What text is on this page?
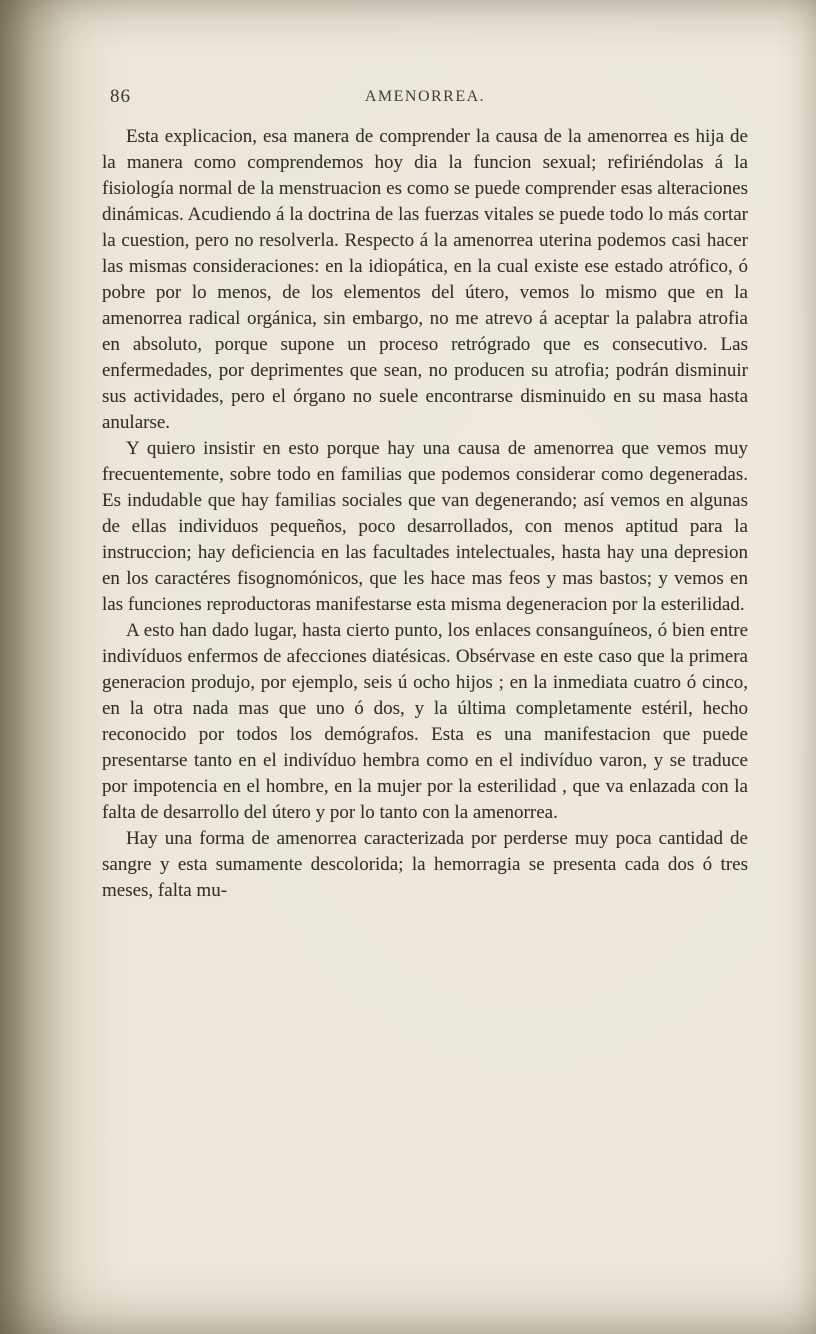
86	AMENORREA.

Esta explicacion, esa manera de comprender la causa de la amenorrea es hija de la manera como comprendemos hoy dia la funcion sexual; refiriéndolas á la fisiología normal de la menstruacion es como se puede comprender esas alteraciones dinámicas. Acudiendo á la doctrina de las fuerzas vitales se puede todo lo más cortar la cuestion, pero no resolverla. Respecto á la amenorrea uterina podemos casi hacer las mismas consideraciones: en la idiopática, en la cual existe ese estado atrófico, ó pobre por lo menos, de los elementos del útero, vemos lo mismo que en la amenorrea radical orgánica, sin embargo, no me atrevo á aceptar la palabra atrofia en absoluto, porque supone un proceso retrógrado que es consecutivo. Las enfermedades, por deprimentes que sean, no producen su atrofia; podrán disminuir sus actividades, pero el órgano no suele encontrarse disminuido en su masa hasta anularse.

Y quiero insistir en esto porque hay una causa de amenorrea que vemos muy frecuentemente, sobre todo en familias que podemos considerar como degeneradas. Es indudable que hay familias sociales que van degenerando; así vemos en algunas de ellas individuos pequeños, poco desarrollados, con menos aptitud para la instruccion; hay deficiencia en las facultades intelectuales, hasta hay una depresion en los caractéres fisognomónicos, que les hace mas feos y mas bastos; y vemos en las funciones reproductoras manifestarse esta misma degeneracion por la esterilidad.

A esto han dado lugar, hasta cierto punto, los enlaces consanguíneos, ó bien entre indivíduos enfermos de afecciones diatésicas. Obsérvase en este caso que la primera generacion produjo, por ejemplo, seis ú ocho hijos ; en la inmediata cuatro ó cinco, en la otra nada mas que uno ó dos, y la última completamente estéril, hecho reconocido por todos los demógrafos. Esta es una manifestacion que puede presentarse tanto en el indivíduo hembra como en el indivíduo varon, y se traduce por impotencia en el hombre, en la mujer por la esterilidad , que va enlazada con la falta de desarrollo del útero y por lo tanto con la amenorrea.

Hay una forma de amenorrea caracterizada por perderse muy poca cantidad de sangre y esta sumamente descolorida; la hemorragia se presenta cada dos ó tres meses, falta mu-
